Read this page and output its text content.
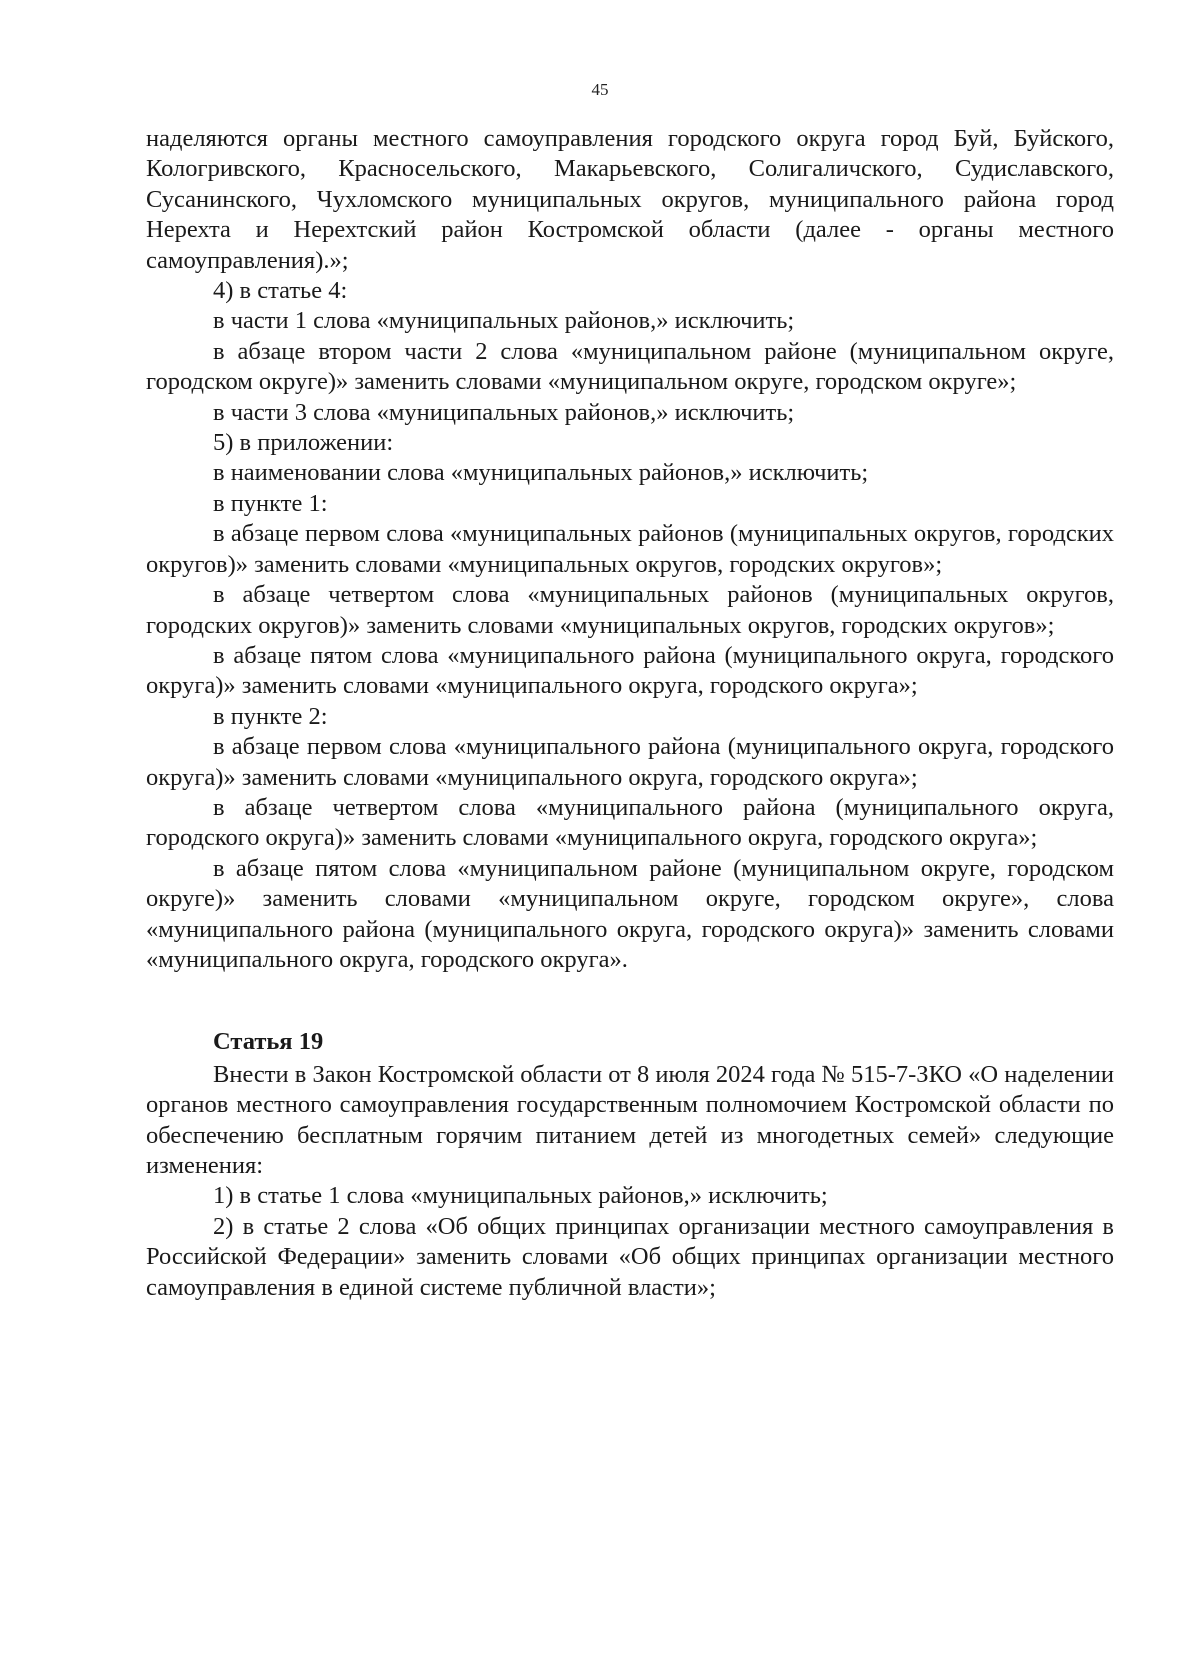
45

наделяются органы местного самоуправления городского округа город Буй, Буйского, Кологривского, Красносельского, Макарьевского, Солигаличского, Судиславского, Сусанинского, Чухломского муниципальных округов, муниципального района город Нерехта и Нерехтский район Костромской области (далее - органы местного самоуправления).»;

4) в статье 4:

в части 1 слова «муниципальных районов,» исключить;

в абзаце втором части 2 слова «муниципальном районе (муниципальном округе, городском округе)» заменить словами «муниципальном округе, городском округе»;

в части 3 слова «муниципальных районов,» исключить;

5) в приложении:

в наименовании слова «муниципальных районов,» исключить;

в пункте 1:

в абзаце первом слова «муниципальных районов (муниципальных округов, городских округов)» заменить словами «муниципальных округов, городских округов»;

в абзаце четвертом слова «муниципальных районов (муниципальных округов, городских округов)» заменить словами «муниципальных округов, городских округов»;

в абзаце пятом слова «муниципального района (муниципального округа, городского округа)» заменить словами «муниципального округа, городского округа»;

в пункте 2:

в абзаце первом слова «муниципального района (муниципального округа, городского округа)» заменить словами «муниципального округа, городского округа»;

в абзаце четвертом слова «муниципального района (муниципального округа, городского округа)» заменить словами «муниципального округа, городского округа»;

в абзаце пятом слова «муниципальном районе (муниципальном округе, городском округе)» заменить словами «муниципальном округе, городском округе», слова «муниципального района (муниципального округа, городского округа)» заменить словами «муниципального округа, городского округа».

Статья 19

Внести в Закон Костромской области от 8 июля 2024 года № 515-7-ЗКО «О наделении органов местного самоуправления государственным полномочием Костромской области по обеспечению бесплатным горячим питанием детей из многодетных семей» следующие изменения:

1) в статье 1 слова «муниципальных районов,» исключить;

2) в статье 2 слова «Об общих принципах организации местного самоуправления в Российской Федерации» заменить словами «Об общих принципах организации местного самоуправления в единой системе публичной власти»;
